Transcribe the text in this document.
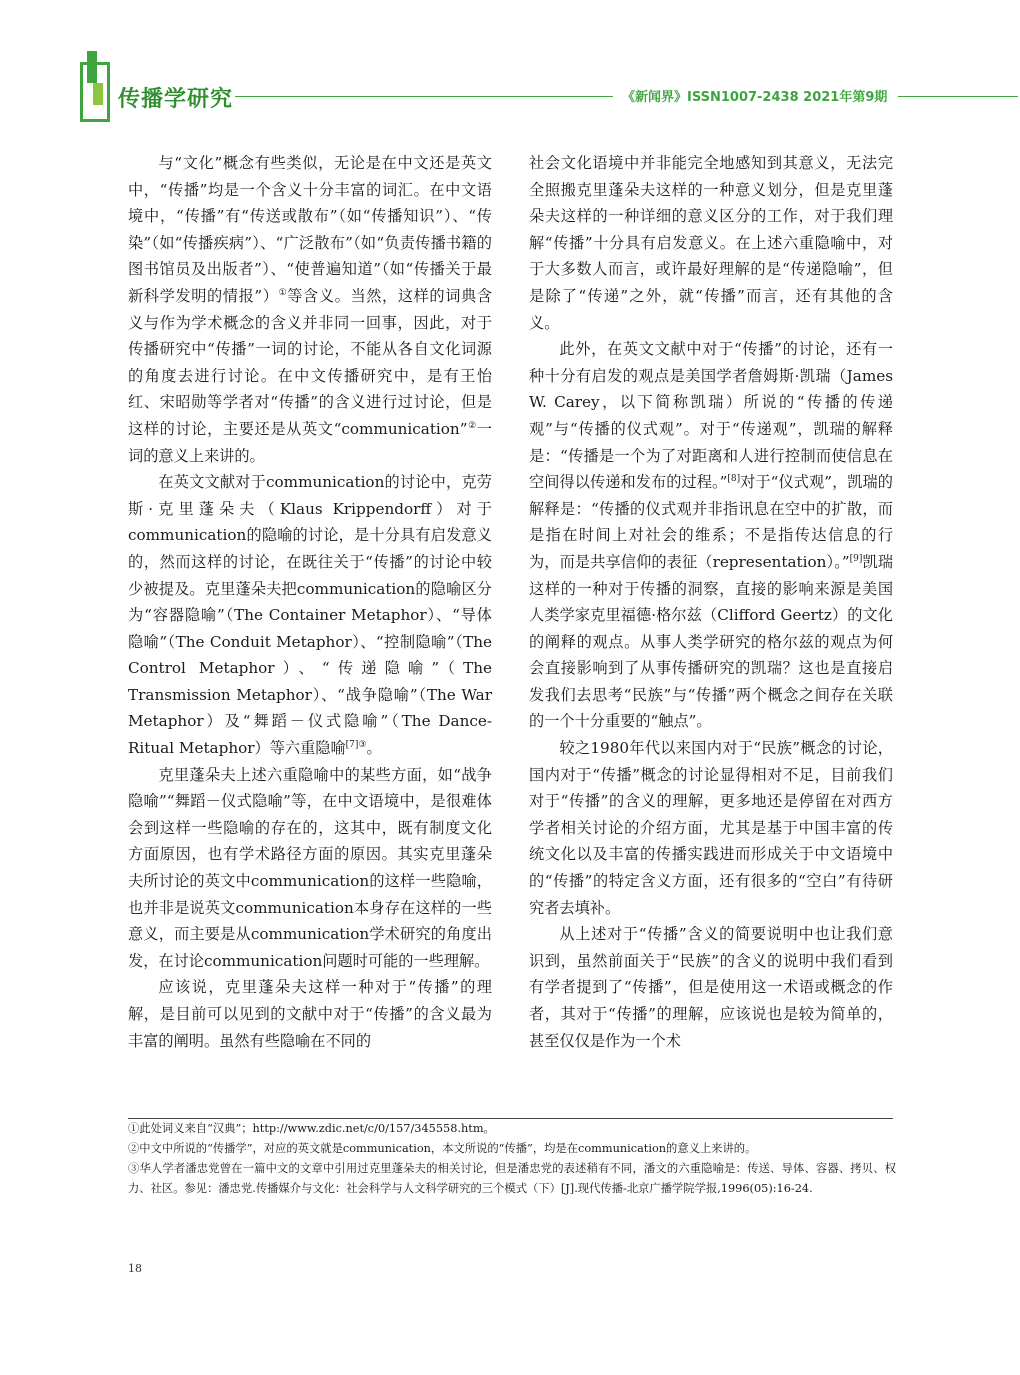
传播学研究	《新闻界》ISSN1007-2438 2021年第9期

与“文化”概念有些类似，无论是在中文还是英文中，“传播”均是一个含义十分丰富的词汇。在中文语境中，“传播”有“传送或散布”（如“传播知识”）、“传染”（如“传播疾病”）、“广泛散布”（如“负责传播书籍的图书馆员及出版者”）、“使普遍知道”（如“传播关于最新科学发明的情报”）①等含义。当然，这样的词典含义与作为学术概念的含义并非同一回事，因此，对于传播研究中“传播”一词的讨论，不能从各自文化词源的角度去进行讨论。在中文传播研究中，是有王怡红、宋昭勋等学者对“传播”的含义进行过讨论，但是这样的讨论，主要还是从英文“communication”②一词的意义上来讲的。

在英文文献对于communication的讨论中，克劳斯·克里蓬朵夫（Klaus Krippendorff）对于communication的隐喻的讨论，是十分具有启发意义的，然而这样的讨论，在既往关于“传播”的讨论中较少被提及。克里蓬朵夫把communication的隐喻区分为“容器隐喻”（The Container Metaphor）、“导体隐喻”（The Conduit Metaphor）、“控制隐喻”（The Control Metaphor）、“传递隐喻”（The Transmission Metaphor）、“战争隐喻”（The War Metaphor）及“舞蹈－仪式隐喻”（The Dance-Ritual Metaphor）等六重隐喻$^{[7]③}$。

克里蓬朵夫上述六重隐喻中的某些方面，如“战争隐喻”“舞蹈－仪式隐喻”等，在中文语境中，是很难体会到这样一些隐喻的存在的，这其中，既有制度文化方面原因，也有学术路径方面的原因。其实克里蓬朵夫所讨论的英文中communication的这样一些隐喻，也并非是说英文communication本身存在这样的一些意义，而主要是从communication学术研究的角度出发，在讨论communication问题时可能的一些理解。

应该说，克里蓬朵夫这样一种对于“传播”的理解，是目前可以见到的文献中对于“传播”的含义最为丰富的阐明。虽然有些隐喻在不同的

社会文化语境中并非能完全地感知到其意义，无法完全照搬克里蓬朵夫这样的一种意义划分，但是克里蓬朵夫这样的一种详细的意义区分的工作，对于我们理解“传播”十分具有启发意义。在上述六重隐喻中，对于大多数人而言，或许最好理解的是“传递隐喻”，但是除了“传递”之外，就“传播”而言，还有其他的含义。

此外，在英文文献中对于“传播”的讨论，还有一种十分有启发的观点是美国学者詹姆斯·凯瑞（James W. Carey，以下简称凯瑞）所说的“传播的传递观”与“传播的仪式观”。对于“传递观”，凯瑞的解释是：“传播是一个为了对距离和人进行控制而使信息在空间得以传递和发布的过程。”[8]对于“仪式观”，凯瑞的解释是：“传播的仪式观并非指讯息在空中的扩散，而是指在时间上对社会的维系；不是指传达信息的行为，而是共享信仰的表征（representation）。”[9]凯瑞这样的一种对于传播的洞察，直接的影响来源是美国人类学家克里福德·格尔兹（Clifford Geertz）的文化的阐释的观点。从事人类学研究的格尔兹的观点为何会直接影响到了从事传播研究的凯瑞？这也是直接启发我们去思考“民族”与“传播”两个概念之间存在关联的一个十分重要的“触点”。

较之1980年代以来国内对于“民族”概念的讨论，国内对于“传播”概念的讨论显得相对不足，目前我们对于“传播”的含义的理解，更多地还是停留在对西方学者相关讨论的介绍方面，尤其是基于中国丰富的传统文化以及丰富的传播实践进而形成关于中文语境中的“传播”的特定含义方面，还有很多的“空白”有待研究者去填补。

从上述对于“传播”含义的简要说明中也让我们意识到，虽然前面关于“民族”的含义的说明中我们看到有学者提到了“传播”，但是使用这一术语或概念的作者，其对于“传播”的理解，应该说也是较为简单的，甚至仅仅是作为一个术

①此处词义来自“汉典”；http://www.zdic.net/c/0/157/345558.htm。

②中文中所说的“传播学”，对应的英文就是communication，本文所说的“传播”，均是在communication的意义上来讲的。

③华人学者潘忠党曾在一篇中文的文章中引用过克里蓬朵夫的相关讨论，但是潘忠党的表述稍有不同，潘文的六重隐喻是：传送、导体、容器、拷贝、权力、社区。参见：潘忠党.传播媒介与文化：社会科学与人文科学研究的三个模式（下）[J].现代传播-北京广播学院学报,1996(05):16-24.

18
